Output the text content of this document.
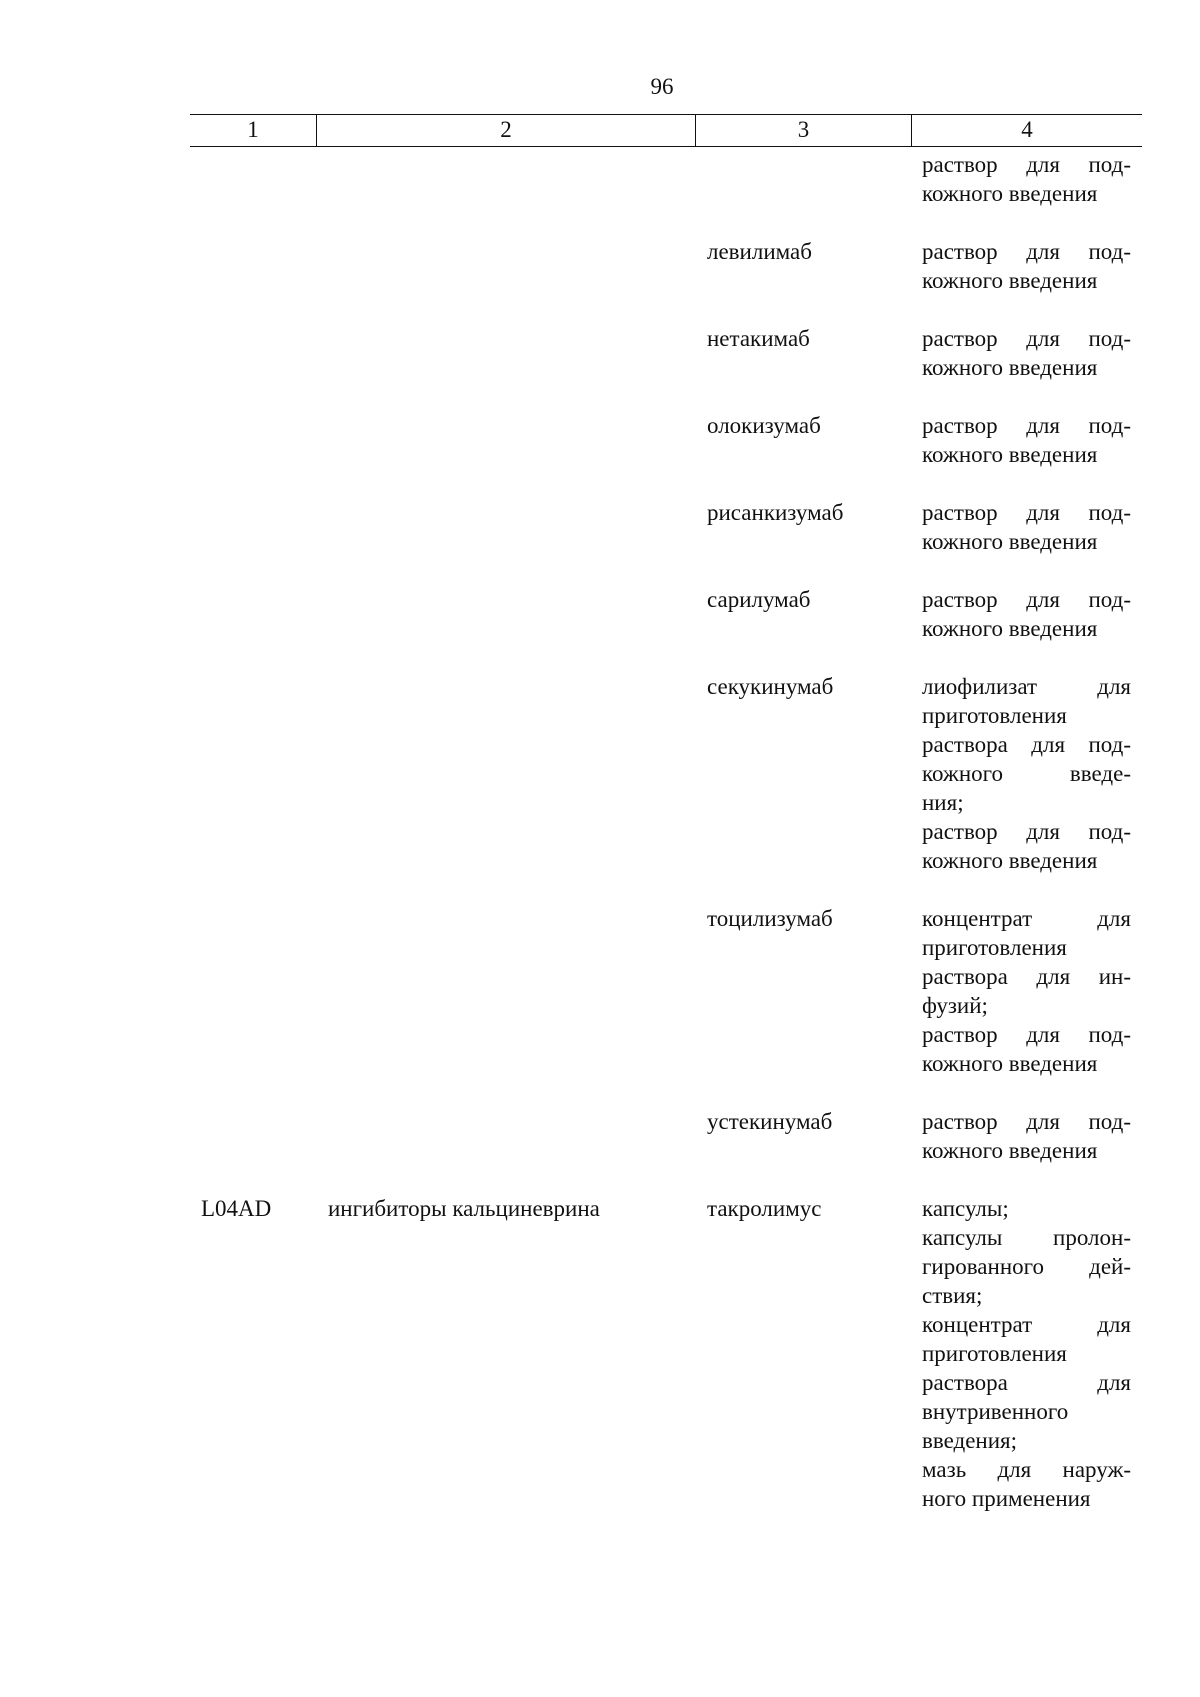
96
1	2	3	4
раствор для под-
кожного введения
левилимаб	раствор для под-
кожного введения
нетакимаб	раствор для под-
кожного введения
олокизумаб	раствор для под-
кожного введения
рисанкизумаб	раствор для под-
кожного введения
сарилумаб	раствор для под-
кожного введения
секукинумаб	лиофилизат для
приготовления
раствора для под-
кожного введе-
ния;
раствор для под-
кожного введения
тоцилизумаб	концентрат для
приготовления
раствора для ин-
фузий;
раствор для под-
кожного введения
устекинумаб	раствор для под-
кожного введения
L04AD	ингибиторы кальциневрина	такролимус	капсулы;
капсулы пролон-
гированного дей-
ствия;
концентрат для
приготовления
раствора для
внутривенного
введения;
мазь для наруж-
ного применения
